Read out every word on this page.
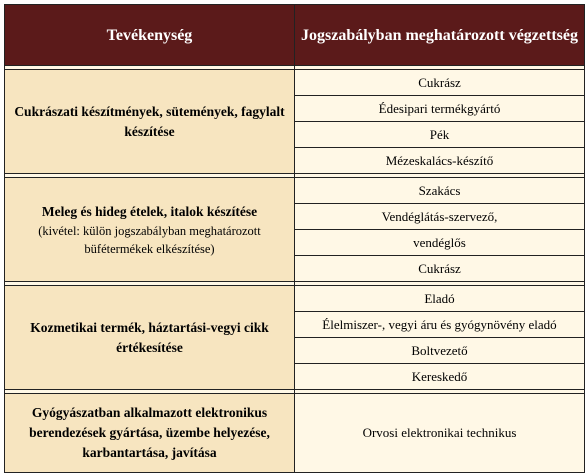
Tevékenység	Jogszabályban meghatározott végzettség

Cukrászati készítmények, sütemények, fagylalt készítése	Cukrász
	Édesipari termékgyártó
	Pék
	Mézeskalács-készítő

Meleg és hideg ételek, italok készítése
(kivétel: külön jogszabályban meghatározott büfétermékek elkészítése)	Szakács
	Vendéglátás-szervező,
	vendéglős
	Cukrász

Kozmetikai termék, háztartási-vegyi cikk értékesítése	Eladó
	Élelmiszer-, vegyi áru és gyógynövény eladó
	Boltvezető
	Kereskedő

Gyógyászatban alkalmazott elektronikus berendezések gyártása, üzembe helyezése, karbantartása, javítása	Orvosi elektronikai technikus
